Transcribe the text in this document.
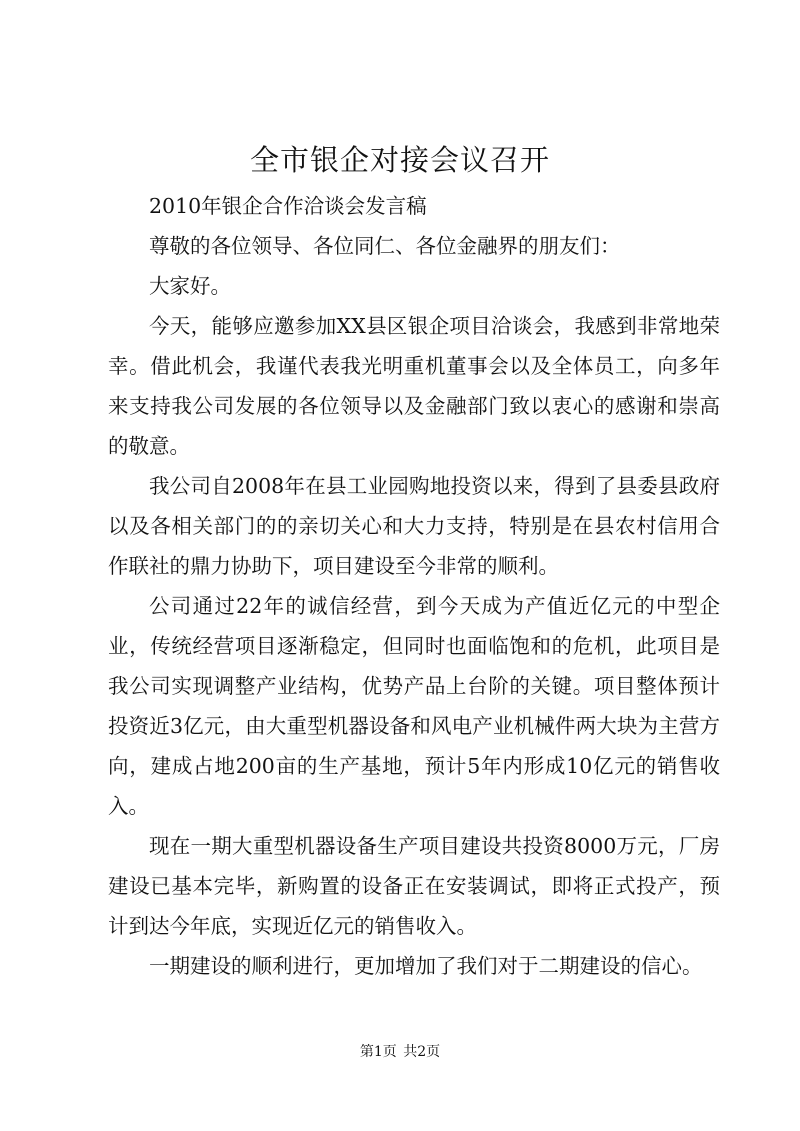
全市银企对接会议召开

2010年银企合作洽谈会发言稿

尊敬的各位领导、各位同仁、各位金融界的朋友们：

大家好。

今天，能够应邀参加XX县区银企项目洽谈会，我感到非常地荣幸。借此机会，我谨代表我光明重机董事会以及全体员工，向多年来支持我公司发展的各位领导以及金融部门致以衷心的感谢和崇高的敬意。

我公司自2008年在县工业园购地投资以来，得到了县委县政府以及各相关部门的的亲切关心和大力支持，特别是在县农村信用合作联社的鼎力协助下，项目建设至今非常的顺利。

公司通过22年的诚信经营，到今天成为产值近亿元的中型企业，传统经营项目逐渐稳定，但同时也面临饱和的危机，此项目是我公司实现调整产业结构，优势产品上台阶的关键。项目整体预计投资近3亿元，由大重型机器设备和风电产业机械件两大块为主营方向，建成占地200亩的生产基地，预计5年内形成10亿元的销售收入。

现在一期大重型机器设备生产项目建设共投资8000万元，厂房建设已基本完毕，新购置的设备正在安装调试，即将正式投产，预计到达今年底，实现近亿元的销售收入。

一期建设的顺利进行，更加增加了我们对于二期建设的信心。

第1页 共2页
